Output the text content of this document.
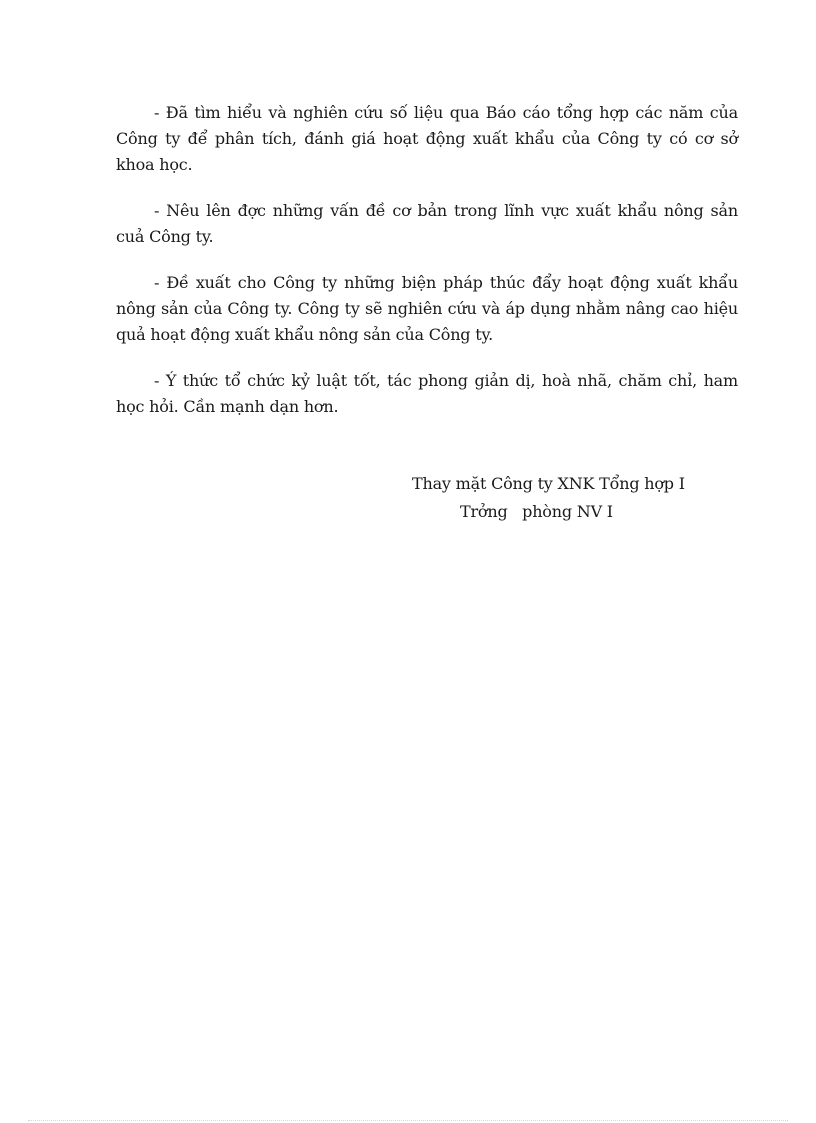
- Đã tìm hiểu và nghiên cứu số liệu qua Báo cáo tổng hợp các năm của Công ty để phân tích, đánh giá hoạt động xuất khẩu của Công ty có cơ sở khoa học.

- Nêu lên đợc những vấn đề cơ bản trong lĩnh vực xuất khẩu nông sản cuả Công ty.

- Đề xuất cho Công ty những biện pháp thúc đẩy hoạt động xuất khẩu nông sản của Công ty. Công ty sẽ nghiên cứu và áp dụng nhằm nâng cao hiệu quả hoạt động xuất khẩu nông sản của Công ty.

- Ý thức tổ chức kỷ luật tốt, tác phong giản dị, hoà nhã, chăm chỉ, ham học hỏi. Cần mạnh dạn hơn.

Thay mặt Công ty XNK Tổng hợp I
Trởng   phòng NV I
